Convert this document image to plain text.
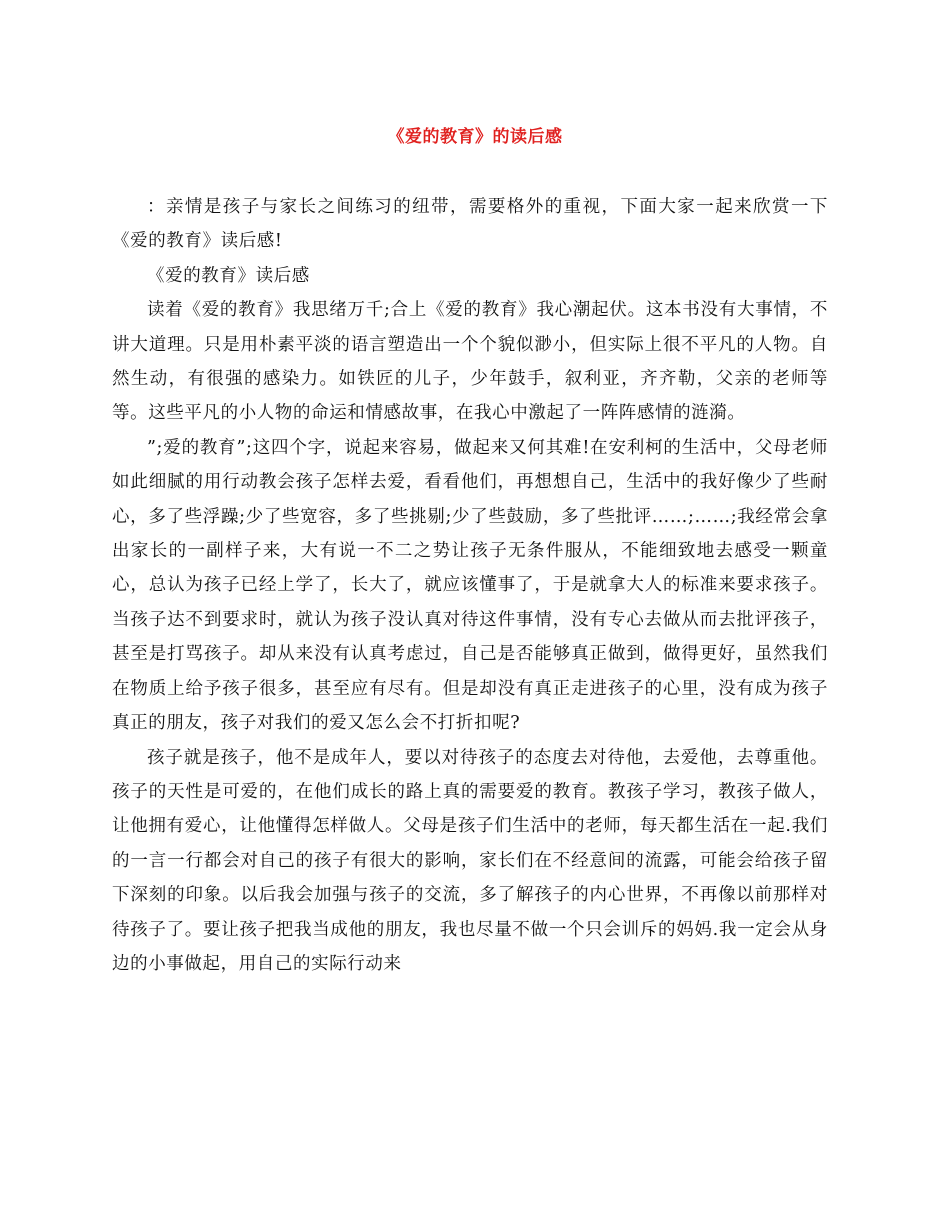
《爱的教育》的读后感

：亲情是孩子与家长之间练习的纽带，需要格外的重视，下面大家一起来欣赏一下《爱的教育》读后感!

《爱的教育》读后感

读着《爱的教育》我思绪万千;合上《爱的教育》我心潮起伏。这本书没有大事情，不讲大道理。只是用朴素平淡的语言塑造出一个个貌似渺小，但实际上很不平凡的人物。自然生动，有很强的感染力。如铁匠的儿子，少年鼓手，叙利亚，齐齐勒，父亲的老师等等。这些平凡的小人物的命运和情感故事，在我心中激起了一阵阵感情的涟漪。

”;爱的教育”;这四个字，说起来容易，做起来又何其难!在安利柯的生活中，父母老师如此细腻的用行动教会孩子怎样去爱，看看他们，再想想自己，生活中的我好像少了些耐心，多了些浮躁;少了些宽容，多了些挑剔;少了些鼓励，多了些批评……;……;我经常会拿出家长的一副样子来，大有说一不二之势让孩子无条件服从，不能细致地去感受一颗童心，总认为孩子已经上学了，长大了，就应该懂事了，于是就拿大人的标准来要求孩子。当孩子达不到要求时，就认为孩子没认真对待这件事情，没有专心去做从而去批评孩子，甚至是打骂孩子。却从来没有认真考虑过，自己是否能够真正做到，做得更好，虽然我们在物质上给予孩子很多，甚至应有尽有。但是却没有真正走进孩子的心里，没有成为孩子真正的朋友，孩子对我们的爱又怎么会不打折扣呢?

孩子就是孩子，他不是成年人，要以对待孩子的态度去对待他，去爱他，去尊重他。孩子的天性是可爱的，在他们成长的路上真的需要爱的教育。教孩子学习，教孩子做人，让他拥有爱心，让他懂得怎样做人。父母是孩子们生活中的老师，每天都生活在一起.我们的一言一行都会对自己的孩子有很大的影响，家长们在不经意间的流露，可能会给孩子留下深刻的印象。以后我会加强与孩子的交流，多了解孩子的内心世界，不再像以前那样对待孩子了。要让孩子把我当成他的朋友，我也尽量不做一个只会训斥的妈妈.我一定会从身边的小事做起，用自己的实际行动来
